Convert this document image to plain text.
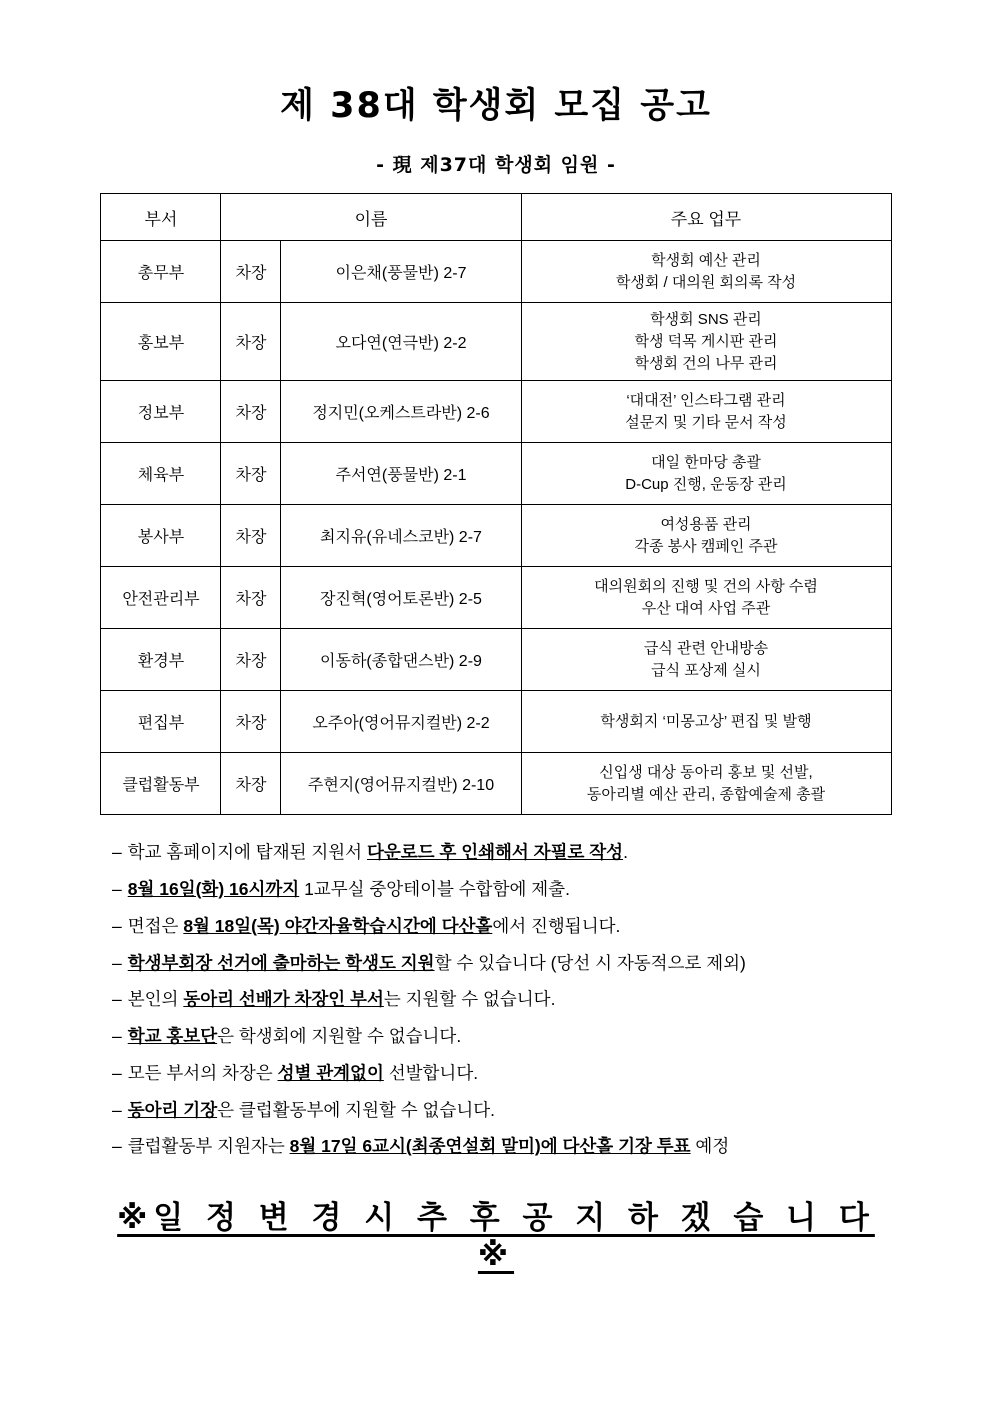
제 38대 학생회 모집 공고
- 現 제37대 학생회 임원 -
부서	이름		주요 업무
총무부	차장	이은채(풍물반) 2-7	학생회 예산 관리
학생회 / 대의원 회의록 작성

홍보부	차장	오다연(연극반) 2-2	학생회 SNS 관리
학생 덕목 게시판 관리
학생회 건의 나무 관리

정보부	차장	정지민(오케스트라반) 2-6	‘대대전’ 인스타그램 관리
설문지 및 기타 문서 작성

체육부	차장	주서연(풍물반) 2-1	대일 한마당 총괄
D-Cup 진행, 운동장 관리

봉사부	차장	최지유(유네스코반) 2-7	여성용품 관리
각종 봉사 캠페인 주관

안전관리부	차장	장진혁(영어토론반) 2-5	대의원회의 진행 및 건의 사항 수렴
우산 대여 사업 주관

환경부	차장	이동하(종합댄스반) 2-9	급식 관련 안내방송
급식 포상제 실시

편집부	차장	오주아(영어뮤지컬반) 2-2	학생회지 ‘미몽고상’ 편집 및 발행

클럽활동부	차장	주현지(영어뮤지컬반) 2-10	신입생 대상 동아리 홍보 및 선발,
동아리별 예산 관리, 종합예술제 총괄
– 학교 홈페이지에 탑재된 지원서 다운로드 후 인쇄해서 자필로 작성.
– 8월 16일(화) 16시까지 1교무실 중앙테이블 수합함에 제출.
– 면접은 8월 18일(목) 야간자율학습시간에 다산홀에서 진행됩니다.
– 학생부회장 선거에 출마하는 학생도 지원할 수 있습니다 (당선 시 자동적으로 제외)
– 본인의 동아리 선배가 차장인 부서는 지원할 수 없습니다.
– 학교 홍보단은 학생회에 지원할 수 없습니다.
– 모든 부서의 차장은 성별 관계없이 선발합니다.
– 동아리 기장은 클럽활동부에 지원할 수 없습니다.
– 클럽활동부 지원자는 8월 17일 6교시(최종연설회 말미)에 다산홀 기장 투표 예정
※일 정 변 경 시 추 후 공 지 하 겠 습 니 다 ※
